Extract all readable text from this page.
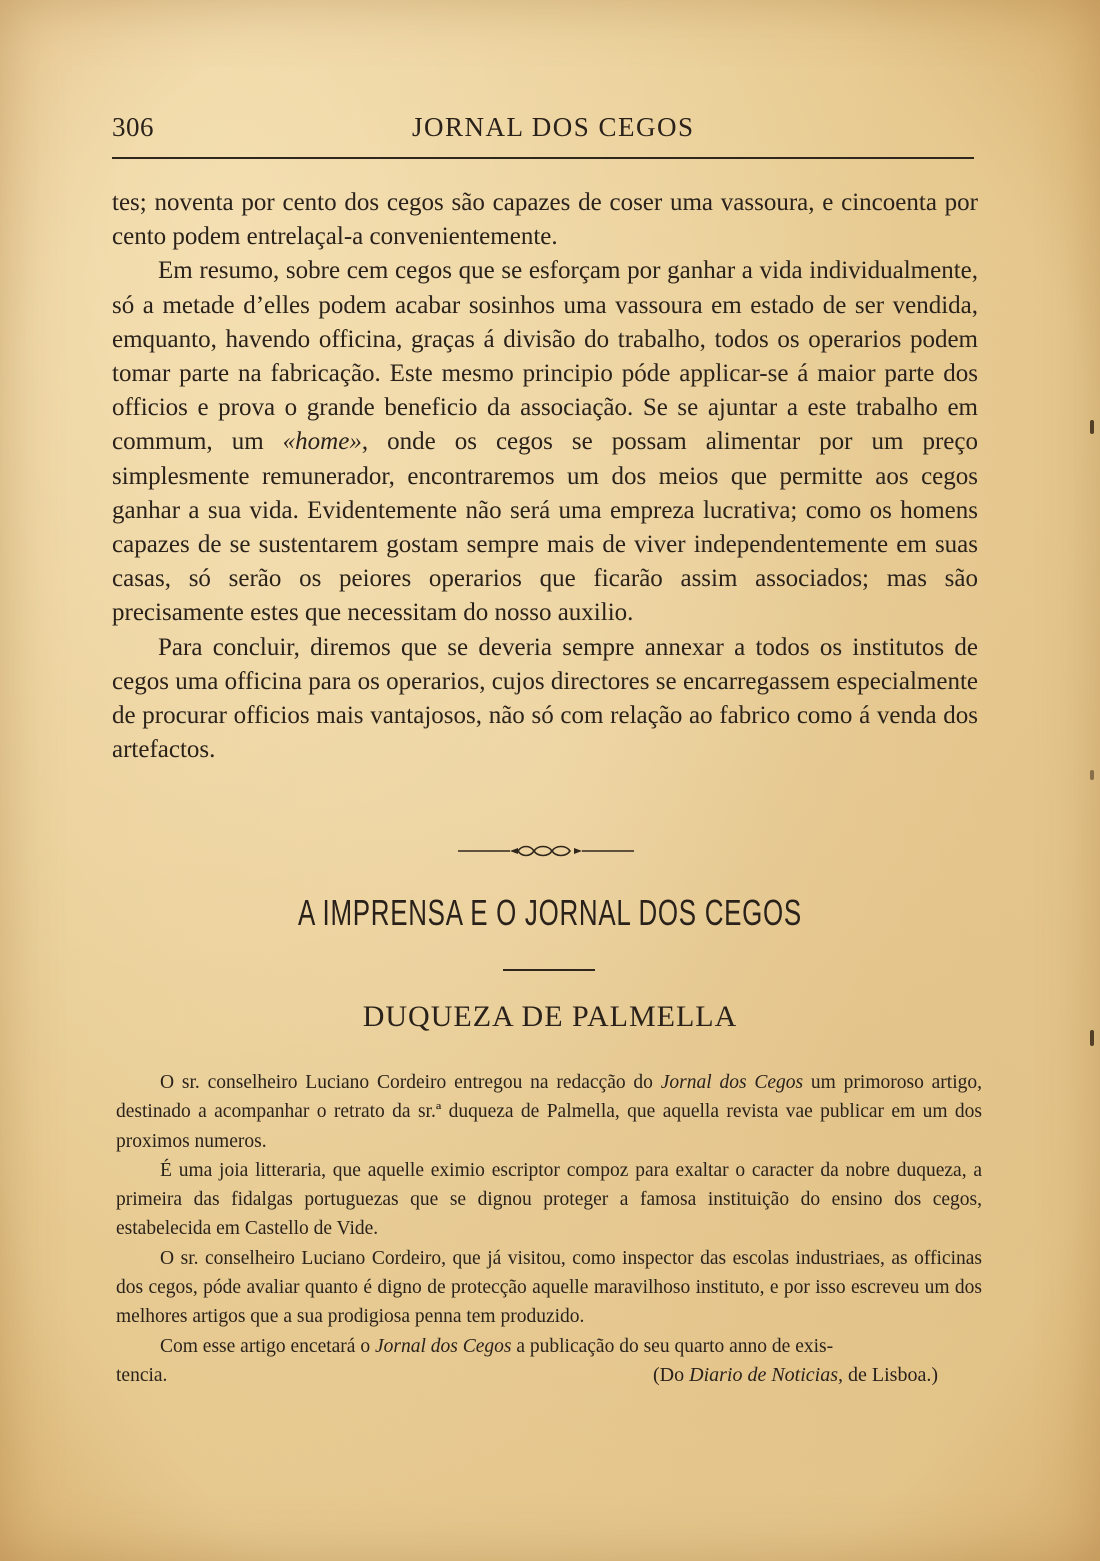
306	JORNAL DOS CEGOS

tes; noventa por cento dos cegos são capazes de coser uma vassoura, e cincoenta por cento podem entrelaçal-a convenientemente.

Em resumo, sobre cem cegos que se esforçam por ganhar a vida individualmente, só a metade d’elles podem acabar sosinhos uma vassoura em estado de ser vendida, emquanto, havendo officina, graças á divisão do trabalho, todos os operarios podem tomar parte na fabricação. Este mesmo principio póde applicar-se á maior parte dos officios e prova o grande beneficio da associação. Se se ajuntar a este trabalho em commum, um «home», onde os cegos se possam alimentar por um preço simplesmente remunerador, encontraremos um dos meios que permitte aos cegos ganhar a sua vida. Evidentemente não será uma empreza lucrativa; como os homens capazes de se sustentarem gostam sempre mais de viver independentemente em suas casas, só serão os peiores operarios que ficarão assim associados; mas são precisamente estes que necessitam do nosso auxilio.

Para concluir, diremos que se deveria sempre annexar a todos os institutos de cegos uma officina para os operarios, cujos directores se encarregassem especialmente de procurar officios mais vantajosos, não só com relação ao fabrico como á venda dos artefactos.

A IMPRENSA E O JORNAL DOS CEGOS
DUQUEZA DE PALMELLA

O sr. conselheiro Luciano Cordeiro entregou na redacção do Jornal dos Cegos um primoroso artigo, destinado a acompanhar o retrato da sr.ª duqueza de Palmella, que aquella revista vae publicar em um dos proximos numeros.

É uma joia litteraria, que aquelle eximio escriptor compoz para exaltar o caracter da nobre duqueza, a primeira das fidalgas portuguezas que se dignou proteger a famosa instituição do ensino dos cegos, estabelecida em Castello de Vide.

O sr. conselheiro Luciano Cordeiro, que já visitou, como inspector das escolas industriaes, as officinas dos cegos, póde avaliar quanto é digno de protecção aquelle maravilhoso instituto, e por isso escreveu um dos melhores artigos que a sua prodigiosa penna tem produzido.

Com esse artigo encetará o Jornal dos Cegos a publicação do seu quarto anno de exis-

tencia.	(Do Diario de Noticias, de Lisboa.)
